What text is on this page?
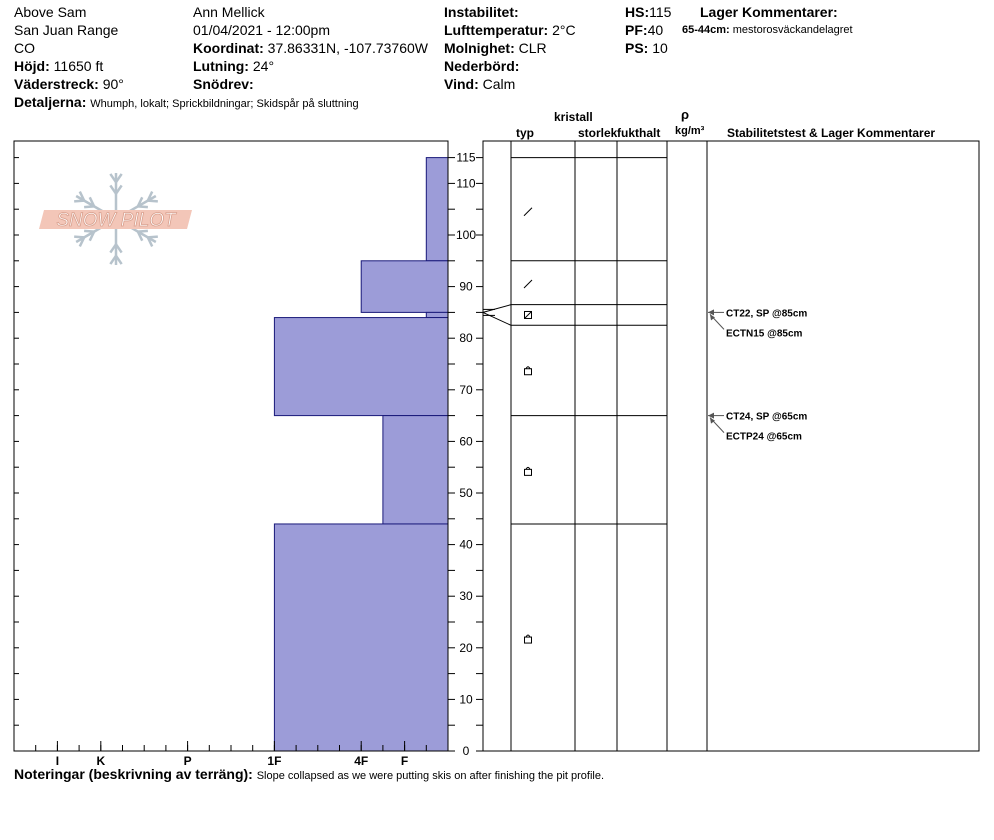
Above Sam
San Juan Range
CO
Höjd: 11650 ft
Väderstreck: 90°
Detaljerna: Whumph, lokalt; Sprickbildningar; Skidspår på sluttning
Ann Mellick
01/04/2021 - 12:00pm
Koordinat: 37.86331N, -107.73760W
Lutning: 24°
Snödrev:
Instabilitet:
Lufttemperatur: 2°C
Molnighet: CLR
Nederbörd:
Vind: Calm
HS:115
PF:40
PS: 10
Lager Kommentarer:
65-44cm: mestorosväckandelagret
kristall
typ	storlek fukthalt
ρ
kg/m³ Stabilitetstest & Lager Kommentarer
SNOW PILOT
I	K	P	1F	4F	F
0
10
20
30
40
50
60
70
80
90
100
110
115
CT22, SP @85cm
ECTN15 @85cm
CT24, SP @65cm
ECTP24 @65cm
Noteringar (beskrivning av terräng): Slope collapsed as we were putting skis on after finishing the pit profile.
